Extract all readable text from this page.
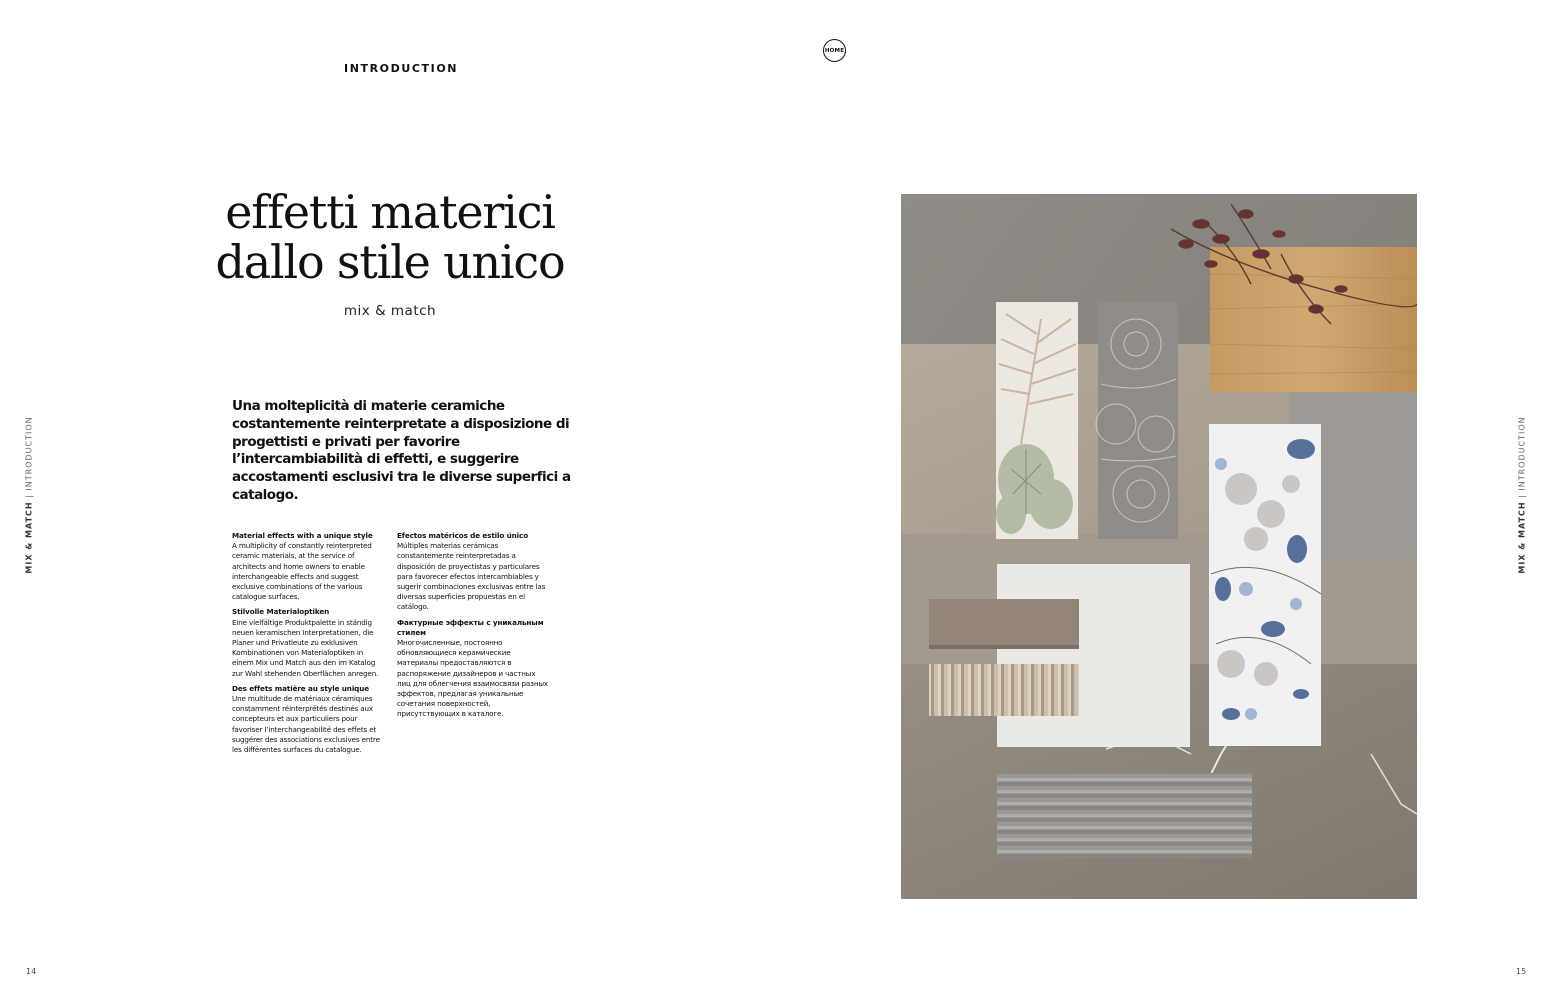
INTRODUCTION
HOME
effetti materici
dallo stile unico
mix & match

Una molteplicità di materie ceramiche costantemente reinterpretate a disposizione di progettisti e privati per favorire l’intercambiabilità di effetti, e suggerire accostamenti esclusivi tra le diverse superfici a catalogo.

Material effects with a unique style

A multiplicity of constantly reinterpreted ceramic materials, at the service of architects and home owners to enable interchangeable effects and suggest exclusive combinations of the various catalogue surfaces.

Stilvolle Materialoptiken

Eine vielfältige Produktpalette in ständig neuen keramischen Interpretationen, die Planer und Privatleute zu exklusiven Kombinationen von Materialoptiken in einem Mix und Match aus den im Katalog zur Wahl stehenden Oberflächen anregen.

Des effets matière au style unique

Une multitude de matériaux céramiques constamment réinterprétés destinés aux concepteurs et aux particuliers pour favoriser l’interchangeabilité des effets et suggérer des associations exclusives entre les différentes surfaces du catalogue.

Efectos matéricos de estilo único

Múltiples materias cerámicas constantemente reinterpretadas a disposición de proyectistas y particulares para favorecer efectos intercambiables y sugerir combinaciones exclusivas entre las diversas superficies propuestas en el catálogo.

Фактурные эффекты с уникальным стилем

Многочисленные, постоянно обновляющиеся керамические материалы предоставляются в распоряжение дизайнеров и частных лиц для облегчения взаимосвязи разных эффектов, предлагая уникальные сочетания поверхностей, присутствующих в каталоге.

MIX & MATCH | INTRODUCTION
MIX & MATCH | INTRODUCTION
14	15
